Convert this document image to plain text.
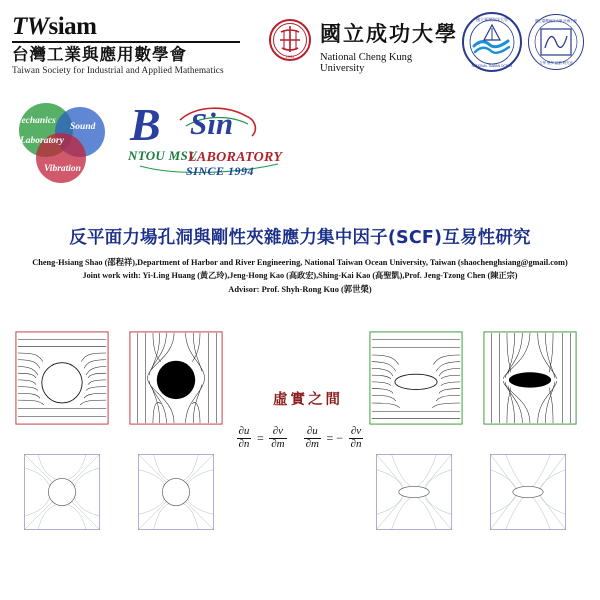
TWsiam
台灣工業與應用數學會
Taiwan Society for Industrial and Applied Mathematics
1931
國立成功大學
National Cheng Kung University
國立臺灣海洋大學
NATIONAL TAIWAN OCEAN
國立臺灣海洋大學 河海工程
力學 聲學 振動 研究室
Mechanics
Sound
Vibration
Laboratory B Sin
NTOU MSV
LABORATORY
SINCE 1994
反平面力場孔洞與剛性夾雜應力集中因子(SCF)互易性研究
Cheng-Hsiang Shao (邵程祥),Department of Harbor and River Engineering, National Taiwan Ocean University, Taiwan (shaochenghsiang@gmail.com)
Joint work with: Yi-Ling Huang (黃乙玲),Jeng-Hong Kao (高政宏),Shing-Kai Kao (高聖凱),Prof. Jeng-Tzong Chen (陳正宗)
Advisor: Prof. Shyh-Rong Kuo (郭世榮)
虛實之間
$\frac{\partial u}{\partial n} = \frac{\partial v}{\partial m}$
$\frac{\partial u}{\partial m}$ = − $\frac{\partial v}{\partial n}$
